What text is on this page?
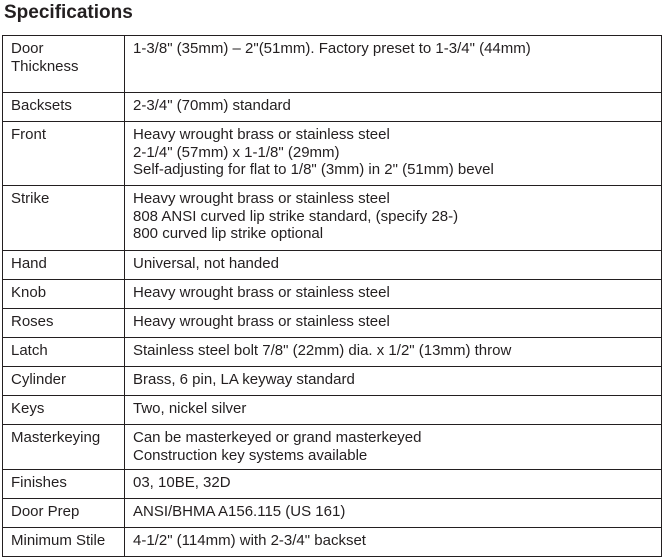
Specifications
Door
Thickness	1-3/8" (35mm) – 2"(51mm). Factory preset to 1-3/4" (44mm)

Backsets	2-3/4" (70mm) standard

Front	Heavy wrought brass or stainless steel
2-1/4" (57mm) x 1-1/8" (29mm)
Self-adjusting for flat to 1/8" (3mm) in 2" (51mm) bevel

Strike	Heavy wrought brass or stainless steel
808 ANSI curved lip strike standard, (specify 28-)
800 curved lip strike optional

Hand	Universal, not handed

Knob	Heavy wrought brass or stainless steel

Roses	Heavy wrought brass or stainless steel

Latch	Stainless steel bolt 7/8" (22mm) dia. x 1/2" (13mm) throw

Cylinder	Brass, 6 pin, LA keyway standard

Keys	Two, nickel silver

Masterkeying	Can be masterkeyed or grand masterkeyed
Construction key systems available

Finishes	03, 10BE, 32D

Door Prep	ANSI/BHMA A156.115 (US 161)

Minimum Stile	4-1/2" (114mm) with 2-3/4" backset
